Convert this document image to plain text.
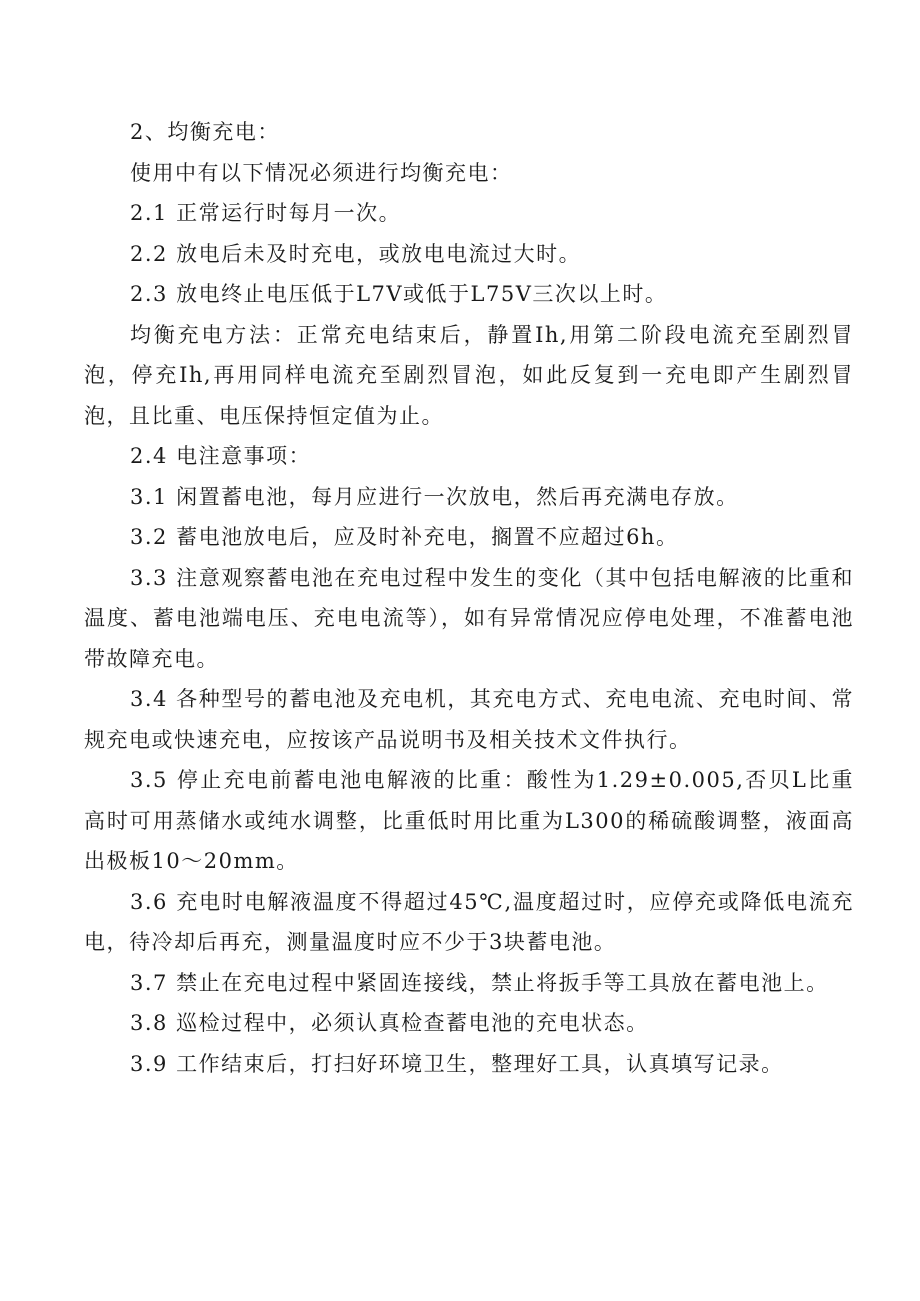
2、均衡充电：

使用中有以下情况必须进行均衡充电：

2.1 正常运行时每月一次。

2.2 放电后未及时充电，或放电电流过大时。

2.3 放电终止电压低于L7V或低于L75V三次以上时。

均衡充电方法：正常充电结束后，静置Ih,用第二阶段电流充至剧烈冒泡，停充Ih,再用同样电流充至剧烈冒泡，如此反复到一充电即产生剧烈冒泡，且比重、电压保持恒定值为止。

2.4 电注意事项：

3.1 闲置蓄电池，每月应进行一次放电，然后再充满电存放。

3.2 蓄电池放电后，应及时补充电，搁置不应超过6h。

3.3 注意观察蓄电池在充电过程中发生的变化（其中包括电解液的比重和温度、蓄电池端电压、充电电流等），如有异常情况应停电处理，不准蓄电池带故障充电。

3.4 各种型号的蓄电池及充电机，其充电方式、充电电流、充电时间、常规充电或快速充电，应按该产品说明书及相关技术文件执行。

3.5 停止充电前蓄电池电解液的比重：酸性为1.29±0.005,否贝L比重高时可用蒸储水或纯水调整，比重低时用比重为L300的稀硫酸调整，液面高出极板10～20mm。

3.6 充电时电解液温度不得超过45℃,温度超过时，应停充或降低电流充电，待冷却后再充，测量温度时应不少于3块蓄电池。

3.7 禁止在充电过程中紧固连接线，禁止将扳手等工具放在蓄电池上。

3.8 巡检过程中，必须认真检查蓄电池的充电状态。

3.9 工作结束后，打扫好环境卫生，整理好工具，认真填写记录。
